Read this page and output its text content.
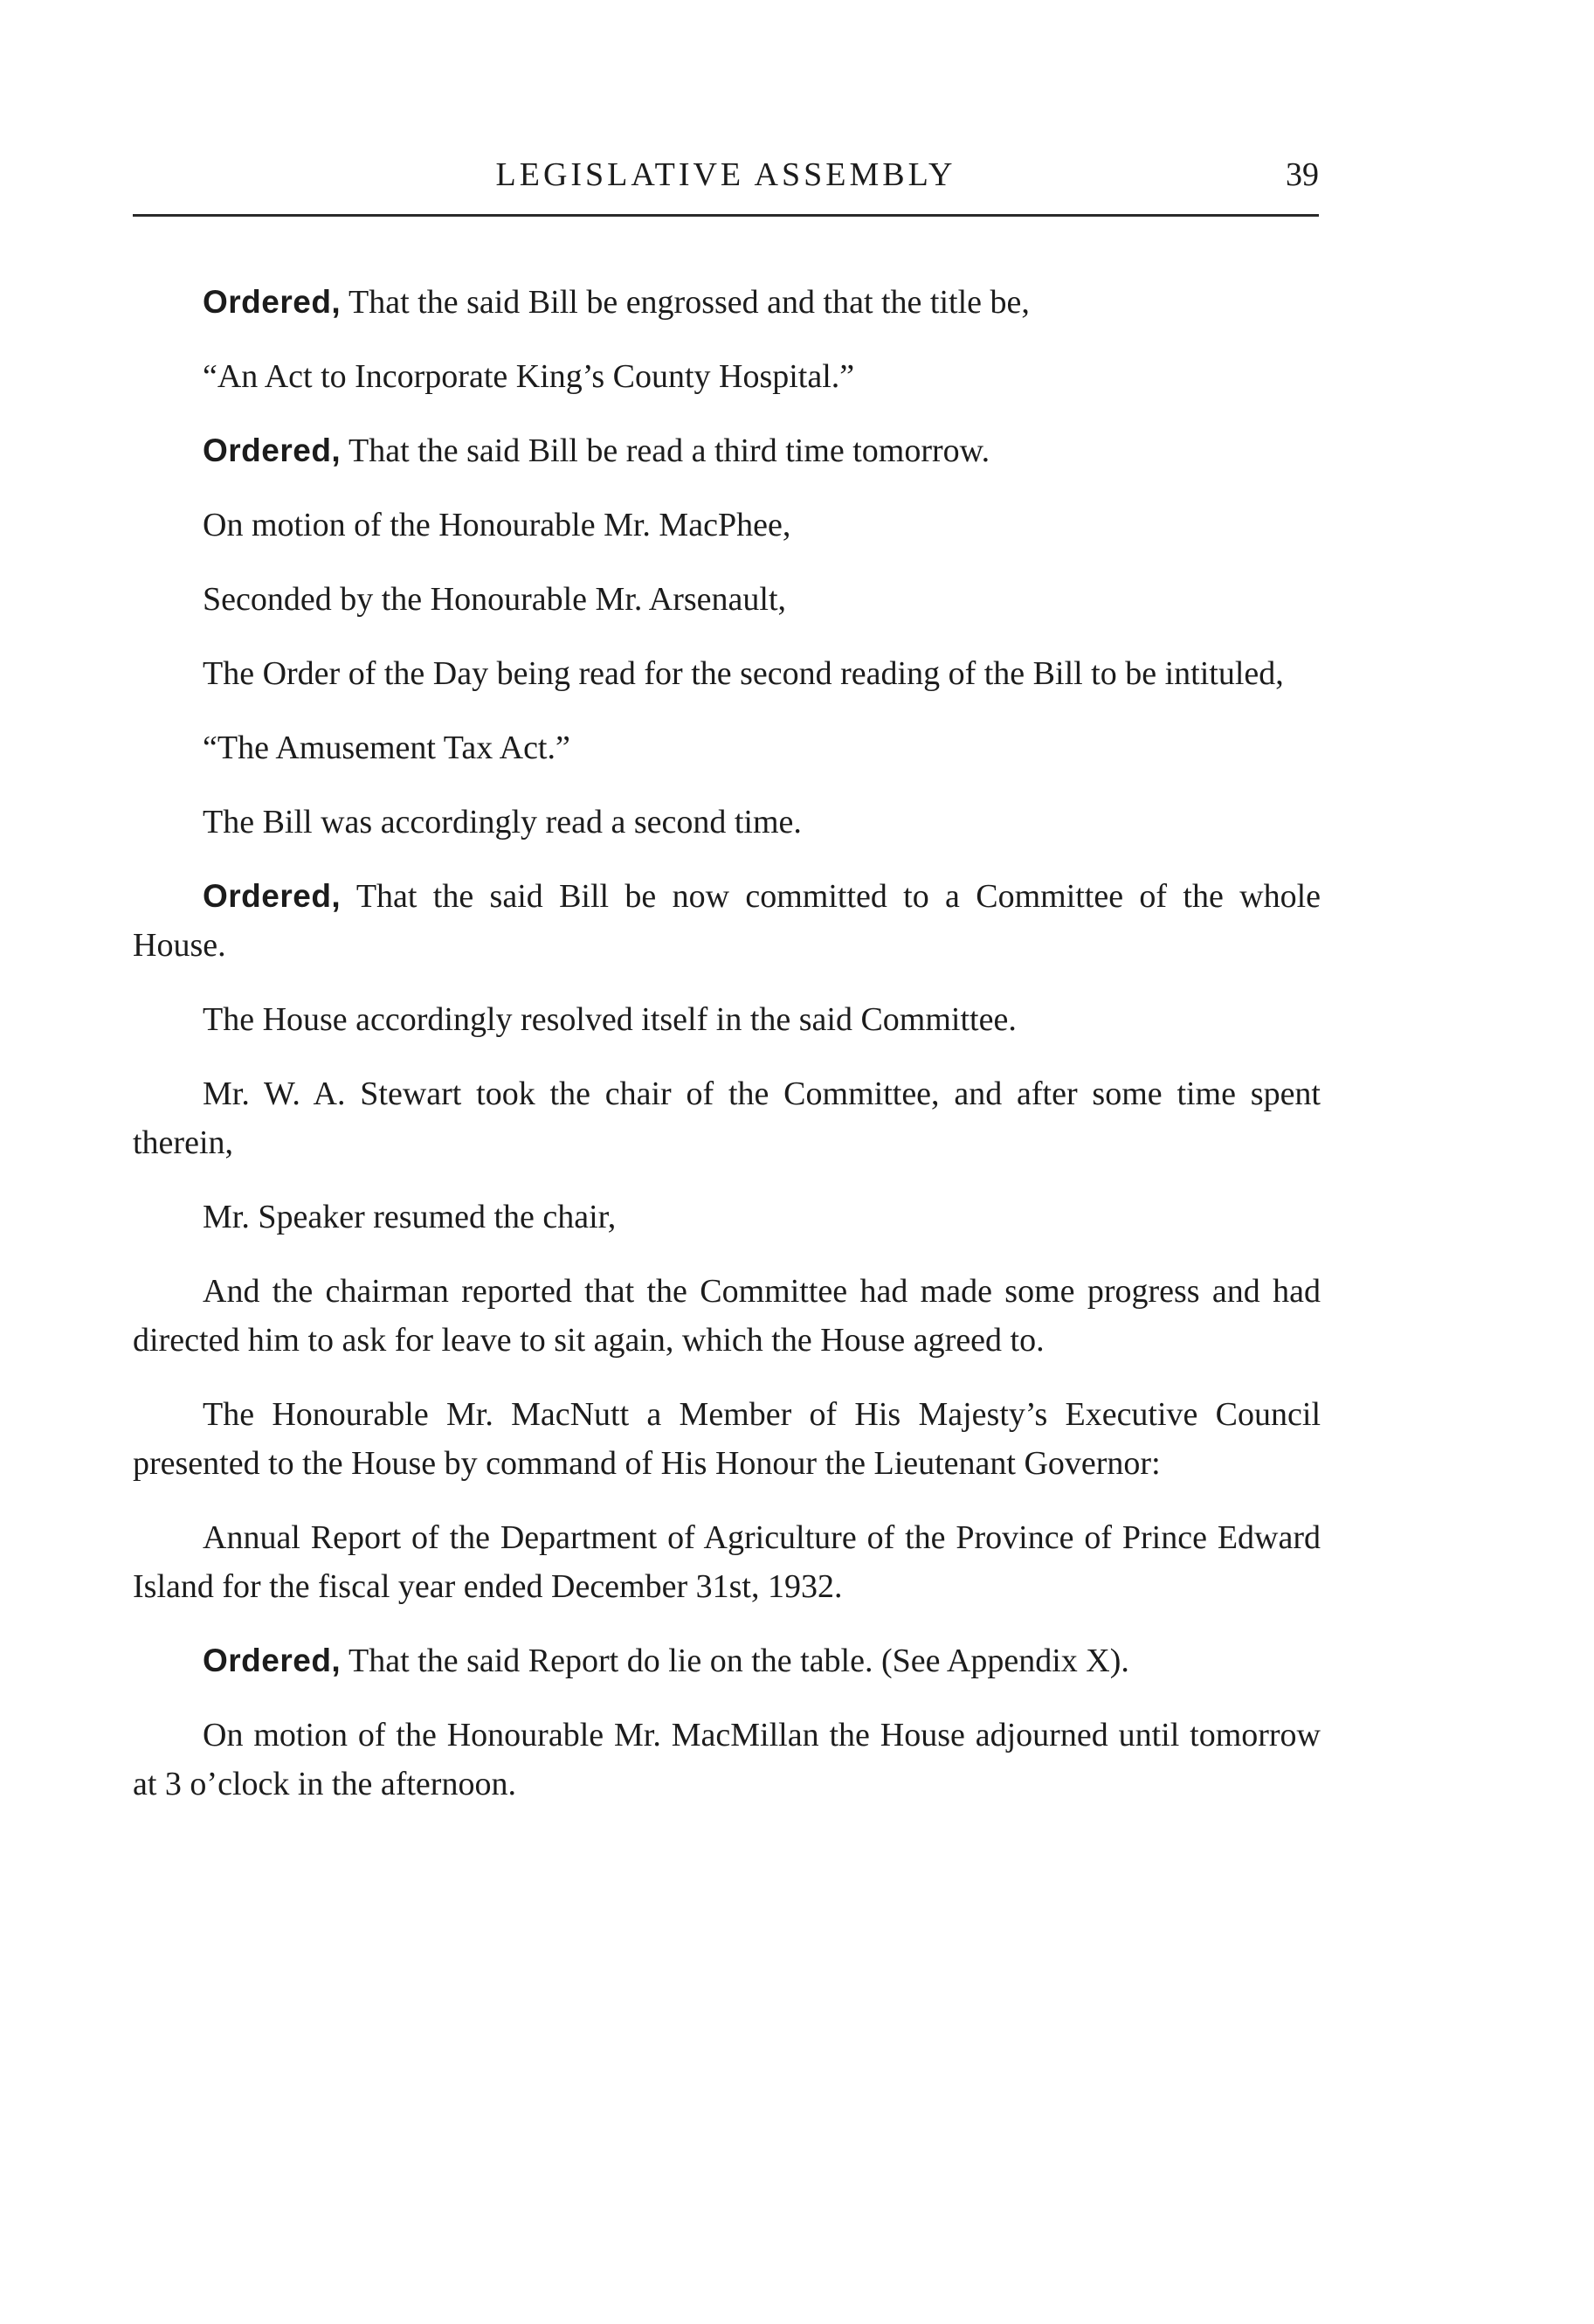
LEGISLATIVE ASSEMBLY	39

Ordered, That the said Bill be engrossed and that the title be,

“An Act to Incorporate King’s County Hospital.”

Ordered, That the said Bill be read a third time tomorrow.

On motion of the Honourable Mr. MacPhee,

Seconded by the Honourable Mr. Arsenault,

The Order of the Day being read for the second reading of the Bill to be intituled,

“The Amusement Tax Act.”

The Bill was accordingly read a second time.

Ordered, That the said Bill be now committed to a Committee of the whole House.

The House accordingly resolved itself in the said Committee.

Mr. W. A. Stewart took the chair of the Committee, and after some time spent therein,

Mr. Speaker resumed the chair,

And the chairman reported that the Committee had made some progress and had directed him to ask for leave to sit again, which the House agreed to.

The Honourable Mr. MacNutt a Member of His Majesty’s Executive Council presented to the House by command of His Honour the Lieutenant Governor:

Annual Report of the Department of Agriculture of the Province of Prince Edward Island for the fiscal year ended December 31st, 1932.

Ordered, That the said Report do lie on the table. (See Appendix X).

On motion of the Honourable Mr. MacMillan the House adjourned until tomorrow at 3 o’clock in the afternoon.
